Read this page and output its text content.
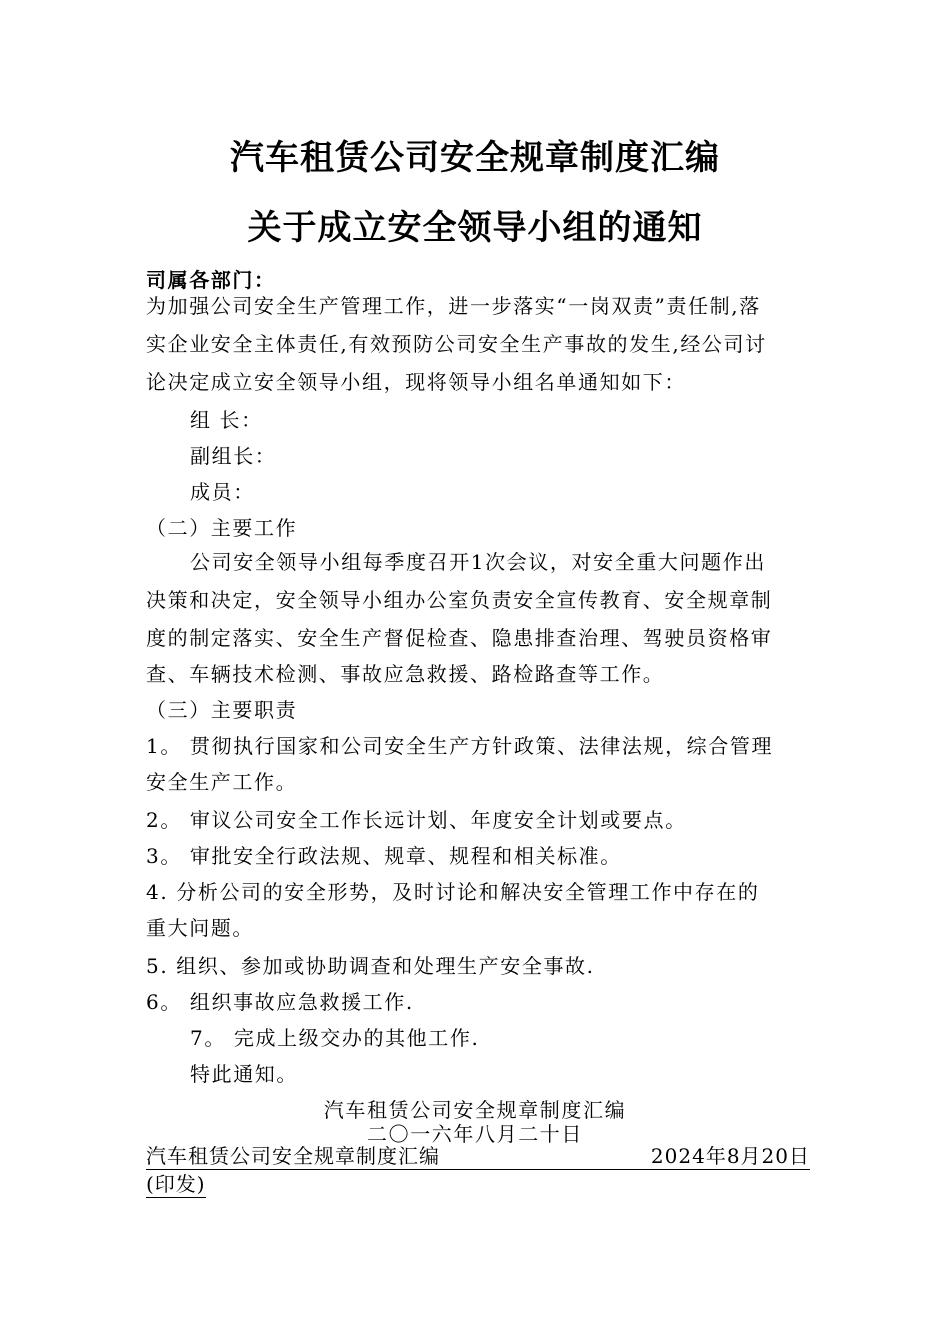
汽车租赁公司安全规章制度汇编
关于成立安全领导小组的通知
司属各部门：
为加强公司安全生产管理工作，进一步落实“一岗双责”责任制,落
实企业安全主体责任,有效预防公司安全生产事故的发生,经公司讨
论决定成立安全领导小组，现将领导小组名单通知如下：
组 长：
副组长：
成员：
（二）主要工作
公司安全领导小组每季度召开1次会议，对安全重大问题作出
决策和决定，安全领导小组办公室负责安全宣传教育、安全规章制
度的制定落实、安全生产督促检查、隐患排查治理、驾驶员资格审
查、车辆技术检测、事故应急救援、路检路查等工作。
（三）主要职责
1。 贯彻执行国家和公司安全生产方针政策、法律法规，综合管理
安全生产工作。
2。 审议公司安全工作长远计划、年度安全计划或要点。
3。 审批安全行政法规、规章、规程和相关标准。
4. 分析公司的安全形势，及时讨论和解决安全管理工作中存在的
重大问题。
5. 组织、参加或协助调查和处理生产安全事故.
6。 组织事故应急救援工作.
7。 完成上级交办的其他工作.
特此通知。
汽车租赁公司安全规章制度汇编
二〇一六年八月二十日
汽车租赁公司安全规章制度汇编	2024年8月20日
(印发)
